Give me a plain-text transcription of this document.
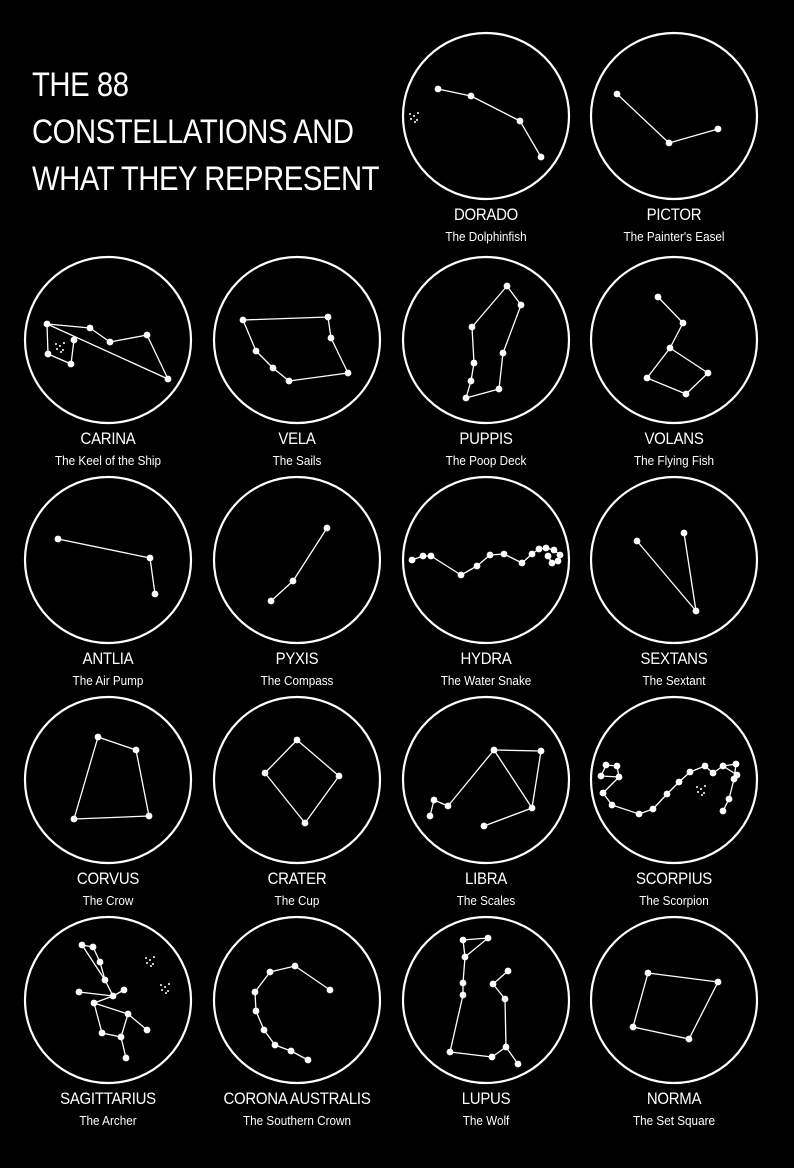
THE 88
CONSTELLATIONS AND
WHAT THEY REPRESENT
DORADO
The Dolphinfish
PICTOR
The Painter's Easel
CARINA
The Keel of the Ship
VELA
The Sails
PUPPIS
The Poop Deck
VOLANS
The Flying Fish
ANTLIA
The Air Pump
PYXIS
The Compass
HYDRA
The Water Snake
SEXTANS
The Sextant
CORVUS
The Crow
CRATER
The Cup
LIBRA
The Scales
SCORPIUS
The Scorpion
SAGITTARIUS
The Archer
CORONA AUSTRALIS
The Southern Crown
LUPUS
The Wolf
NORMA
The Set Square
